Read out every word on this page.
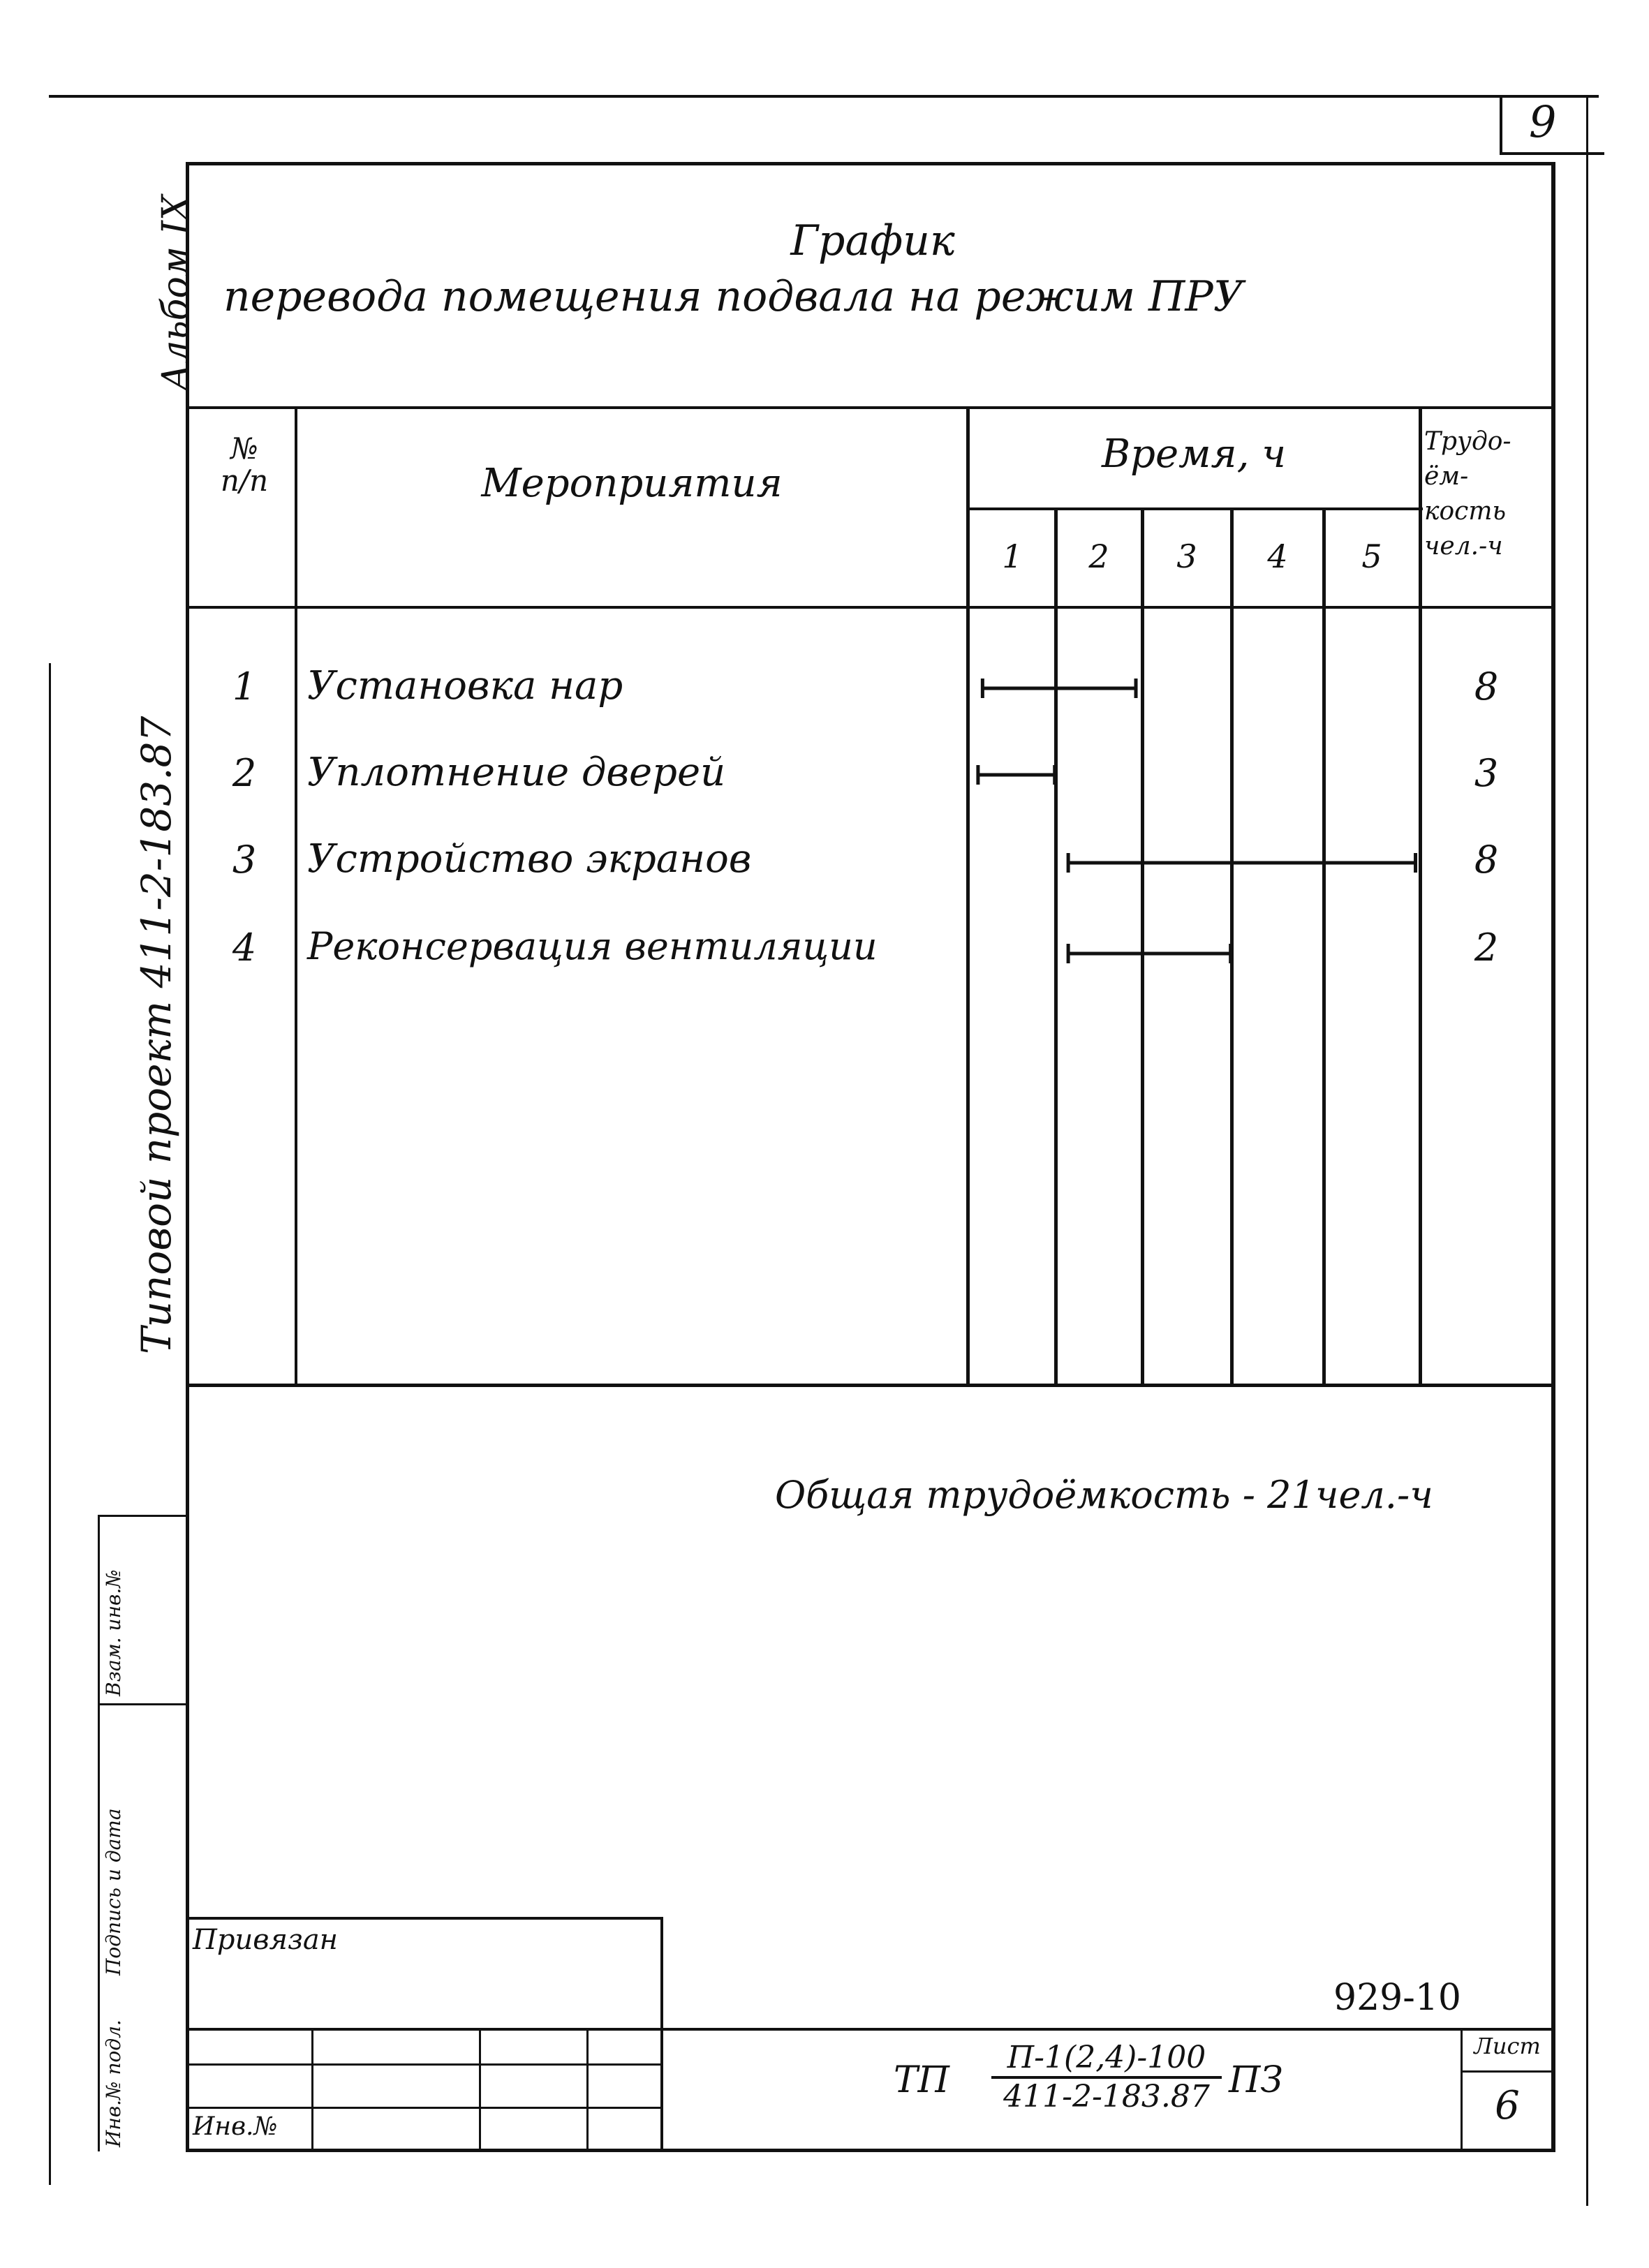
9
Альбом IX
Типовой проект 411-2-183.87
График
перевода помещения подвала на режим ПРУ
№
п/п	Мероприятия
Время, ч
1	2	3	4	5
Трудо-
ём-
кость
чел.-ч
1	Установка нар	8
2	Уплотнение дверей	3
3	Устройство экранов	8
4	Реконсервация вентиляции	2
Общая трудоёмкость - 21чел.-ч
Инв.№ подл.
Подпись и дата
Взам. инв.№
Привязан
Инв.№
929-10
ТП
П-1(2,4)-100
411-2-183.87 ПЗ
Лист
6
